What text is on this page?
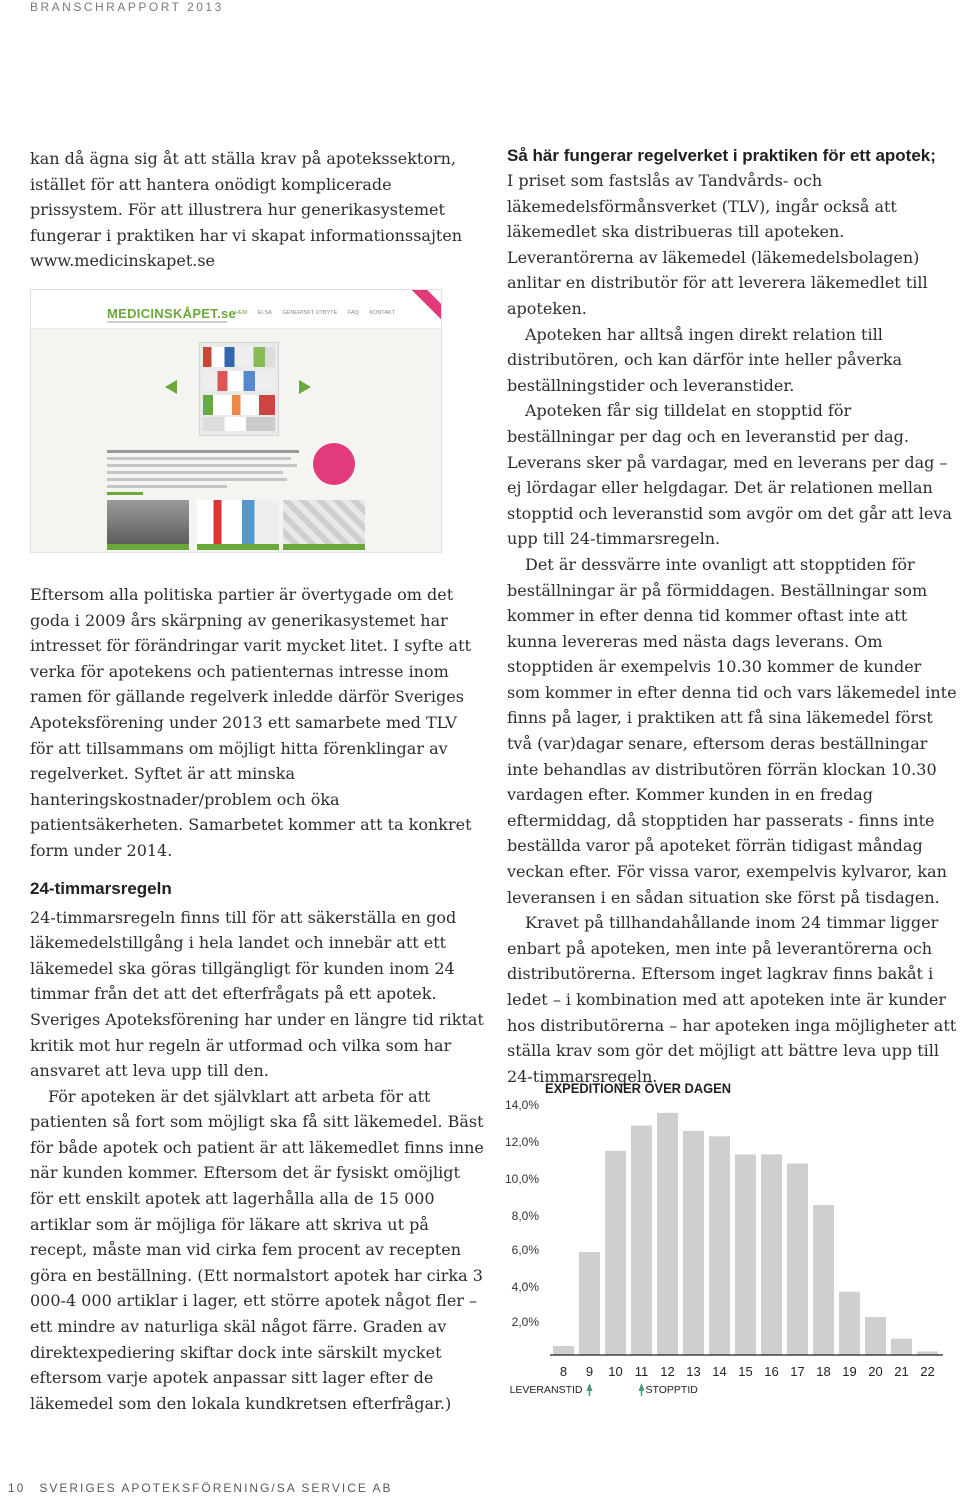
BRANSCHRAPPORT 2013

kan då ägna sig åt att ställa krav på apotekssektorn, istället för att hantera onödigt komplicerade prissystem. För att illustrera hur generikasystemet fungerar i praktiken har vi skapat informationssajten www.medicinskapet.se

MEDICINSKÅPET.se
HEM ELSA GENERISKT UTBYTE FAQ KONTAKT

Eftersom alla politiska partier är övertygade om det goda i 2009 års skärpning av generikasystemet har intresset för förändringar varit mycket litet. I syfte att verka för apotekens och patienternas intresse inom ramen för gällande regelverk inledde därför Sveriges Apoteksförening under 2013 ett samarbete med TLV för att tillsammans om möjligt hitta förenklingar av regelverket. Syftet är att minska hanteringskostnader/problem och öka patientsäkerheten. Samarbetet kommer att ta konkret form under 2014.

24-timmarsregeln

24-timmarsregeln finns till för att säkerställa en god läkemedelstillgång i hela landet och innebär att ett läkemedel ska göras tillgängligt för kunden inom 24 timmar från det att det efterfrågats på ett apotek. Sveriges Apoteksförening har under en längre tid riktat kritik mot hur regeln är utformad och vilka som har ansvaret att leva upp till den.

För apoteken är det självklart att arbeta för att patienten så fort som möjligt ska få sitt läkemedel. Bäst för både apotek och patient är att läkemedlet finns inne när kunden kommer. Eftersom det är fysiskt omöjligt för ett enskilt apotek att lagerhålla alla de 15 000 artiklar som är möjliga för läkare att skriva ut på recept, måste man vid cirka fem procent av recepten göra en beställning. (Ett normalstort apotek har cirka 3 000-4 000 artiklar i lager, ett större apotek något fler – ett mindre av naturliga skäl något färre. Graden av direktexpediering skiftar dock inte särskilt mycket eftersom varje apotek anpassar sitt lager efter de läkemedel som den lokala kundkretsen efterfrågar.)

Så här fungerar regelverket i praktiken för ett apotek;

I priset som fastslås av Tandvårds- och läkemedelsförmånsverket (TLV), ingår också att läkemedlet ska distribueras till apoteken. Leverantörerna av läkemedel (läkemedelsbolagen) anlitar en distributör för att leverera läkemedlet till apoteken.

Apoteken har alltså ingen direkt relation till distributören, och kan därför inte heller påverka beställningstider och leveranstider.

Apoteken får sig tilldelat en stopptid för beställningar per dag och en leveranstid per dag. Leverans sker på vardagar, med en leverans per dag – ej lördagar eller helgdagar. Det är relationen mellan stopptid och leveranstid som avgör om det går att leva upp till 24-timmarsregeln.

Det är dessvärre inte ovanligt att stopptiden för beställningar är på förmiddagen. Beställningar som kommer in efter denna tid kommer oftast inte att kunna levereras med nästa dags leverans. Om stopptiden är exempelvis 10.30 kommer de kunder som kommer in efter denna tid och vars läkemedel inte finns på lager, i praktiken att få sina läkemedel först två (var)dagar senare, eftersom deras beställningar inte behandlas av distributören förrän klockan 10.30 vardagen efter. Kommer kunden in en fredag eftermiddag, då stopptiden har passerats - finns inte beställda varor på apoteket förrän tidigast måndag veckan efter. För vissa varor, exempelvis kylvaror, kan leveransen i en sådan situation ske först på tisdagen.

Kravet på tillhandahållande inom 24 timmar ligger enbart på apoteken, men inte på leverantörerna och distributörerna. Eftersom inget lagkrav finns bakåt i ledet – i kombination med att apoteken inte är kunder hos distributörerna – har apoteken inga möjligheter att ställa krav som gör det möjligt att bättre leva upp till 24-timmarsregeln.

EXPEDITIONER ÖVER DAGEN
14,0%
12,0%
10,0%
8,0%
6,0%
4,0%
2,0%
8 9 10 11 12 13 14 15 16 17 18 19 20 21 22
LEVERANSTID	STOPPTID
10 SVERIGES APOTEKSFÖRENING/SA SERVICE AB
